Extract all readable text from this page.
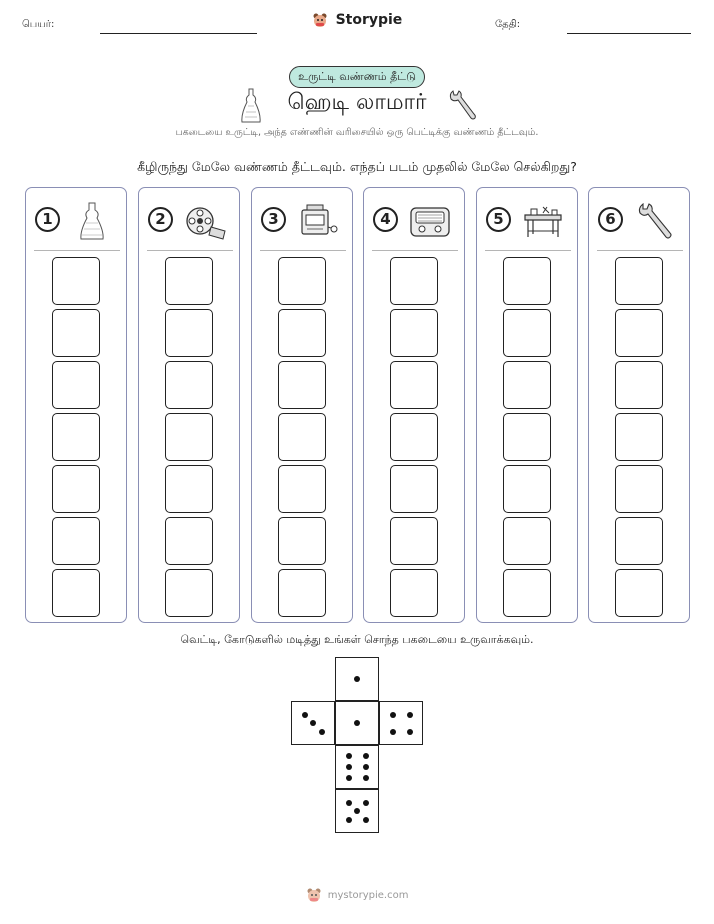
பெயர்:	Storypie	தேதி:
உருட்டி வண்ணம் தீட்டு
ஹெடி லாமார்
பகடையை உருட்டி, அந்த எண்ணின் வரிசையில் ஒரு பெட்டிக்கு வண்ணம் தீட்டவும்.
கீழிருந்து மேலே வண்ணம் தீட்டவும். எந்தப் படம் முதலில் மேலே செல்கிறது?
1	2	3	4	5	6
வெட்டி, கோடுகளில் மடித்து உங்கள் சொந்த பகடையை உருவாக்கவும்.
mystorypie.com
